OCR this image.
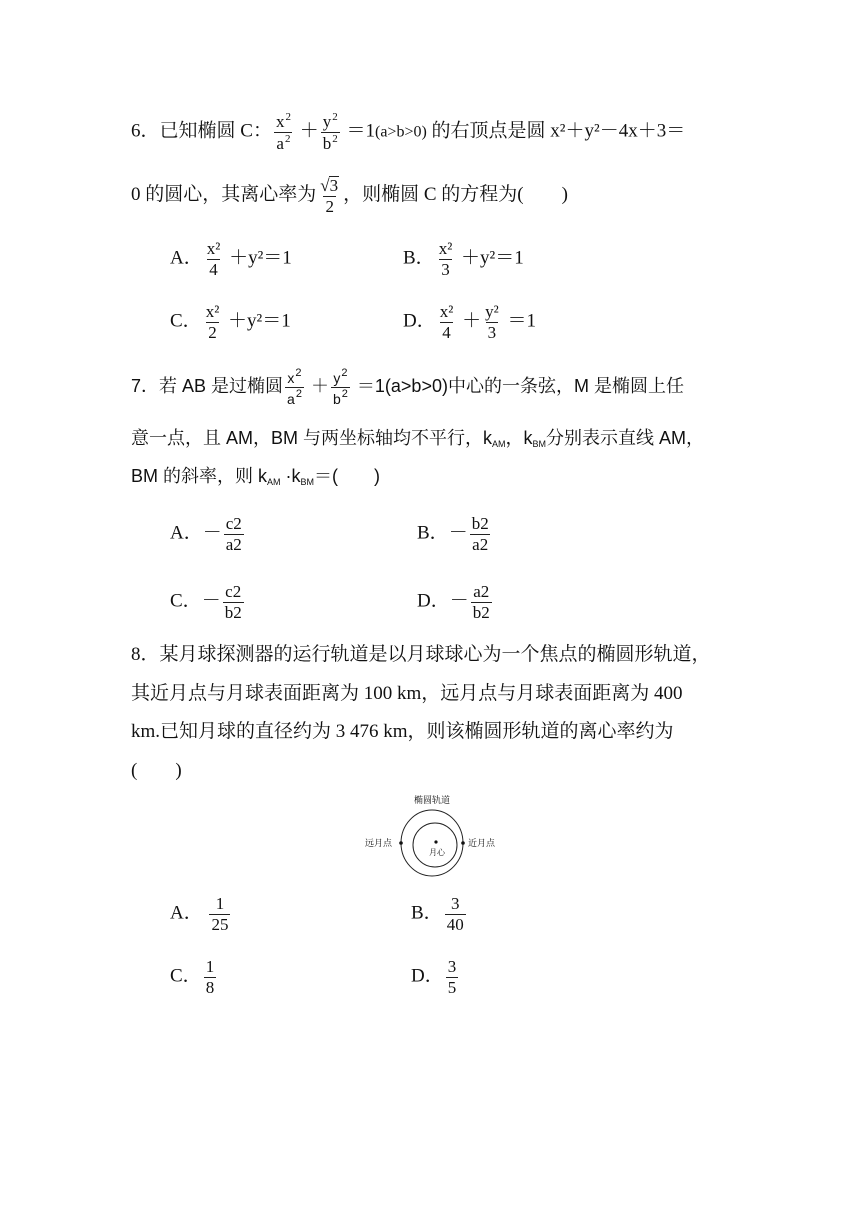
6．已知椭圆 C： $\frac{x^2}{a^2} + \frac{y^2}{b^2} =1(a>b>0)$ 的右顶点是圆 x²＋y²－4x＋3＝
0 的圆心，其离心率为 $\frac{√3}{2}$ ，则椭圆 C 的方程为(　　)
A． $\frac{\text{x²}}{4} +y^2=1$	B． $\frac{\text{x²}}{3} +y^2=1$
C． $\frac{\text{x²}}{2} +y^2=1$	D． $\frac{\text{x²}}{4} + \frac{\text{y²}}{3} =1$
7．若 AB 是过椭圆 $\frac{x^2}{a^2} + \frac{y^2}{b^2} =1(a>b>0)$中心的一条弦，M 是椭圆上任
意一点，且 AM，BM 与两坐标轴均不平行，$k_{AM}$，$k_{BM}$分别表示直线 AM，
BM 的斜率，则 $k_{AM} \cdot k_{BM}=$(　　)
A．－ $\frac{c2}{a2}$	B．－ $\frac{b2}{a2}$
C．－ $\frac{c2}{b2}$	D．－ $\frac{a2}{b2}$
8．某月球探测器的运行轨道是以月球球心为一个焦点的椭圆形轨道，
其近月点与月球表面距离为 100 km，远月点与月球表面距离为 400
km.已知月球的直径约为 3 476 km，则该椭圆形轨道的离心率约为
(　　)
椭圆轨道
远月点	近月点
月心
A． $\frac{1}{25}$	B． $\frac{3}{40}$
C． $\frac{1}{8}$	D． $\frac{3}{5}$
